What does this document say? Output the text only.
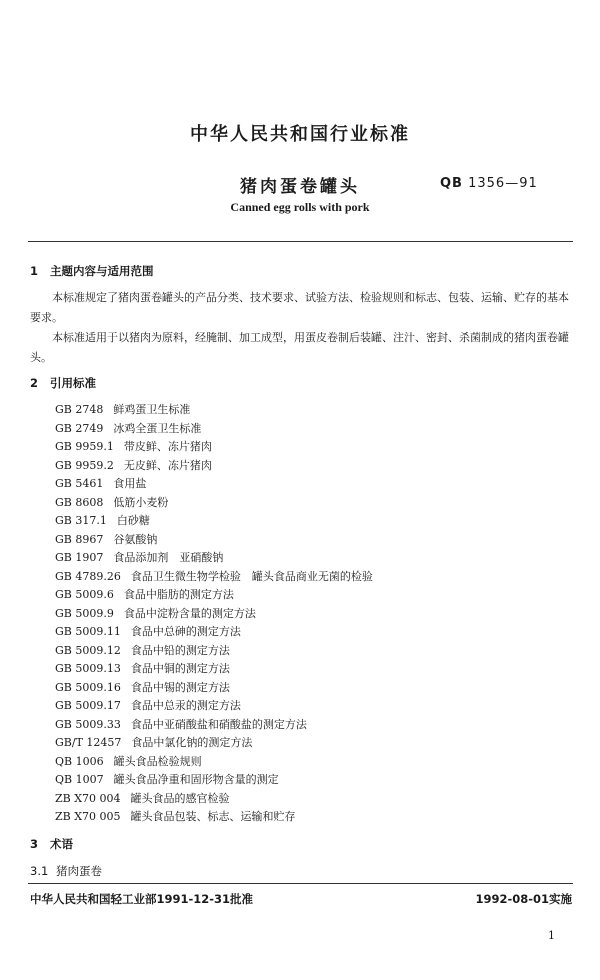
中华人民共和国行业标准
猪肉蛋卷罐头	QB 1356—91
Canned egg rolls with pork
1 主题内容与适用范围
本标准规定了猪肉蛋卷罐头的产品分类、技术要求、试验方法、检验规则和标志、包装、运输、贮存的基本要求。
本标准适用于以猪肉为原料，经腌制、加工成型，用蛋皮卷制后装罐、注汁、密封、杀菌制成的猪肉蛋卷罐头。
2 引用标准
GB 2748 鲜鸡蛋卫生标准
GB 2749 冰鸡全蛋卫生标准
GB 9959.1 带皮鲜、冻片猪肉
GB 9959.2 无皮鲜、冻片猪肉
GB 5461 食用盐
GB 8608 低筋小麦粉
GB 317.1 白砂糖
GB 8967 谷氨酸钠
GB 1907 食品添加剂　亚硝酸钠
GB 4789.26 食品卫生微生物学检验　罐头食品商业无菌的检验
GB 5009.6 食品中脂肪的测定方法
GB 5009.9 食品中淀粉含量的测定方法
GB 5009.11 食品中总砷的测定方法
GB 5009.12 食品中铅的测定方法
GB 5009.13 食品中铜的测定方法
GB 5009.16 食品中锡的测定方法
GB 5009.17 食品中总汞的测定方法
GB 5009.33 食品中亚硝酸盐和硝酸盐的测定方法
GB/T 12457 食品中氯化钠的测定方法
QB 1006 罐头食品检验规则
QB 1007 罐头食品净重和固形物含量的测定
ZB X70 004 罐头食品的感官检验
ZB X70 005 罐头食品包装、标志、运输和贮存
3 术语
3.1 猪肉蛋卷
中华人民共和国轻工业部1991-12-31批准	1992-08-01实施
1
